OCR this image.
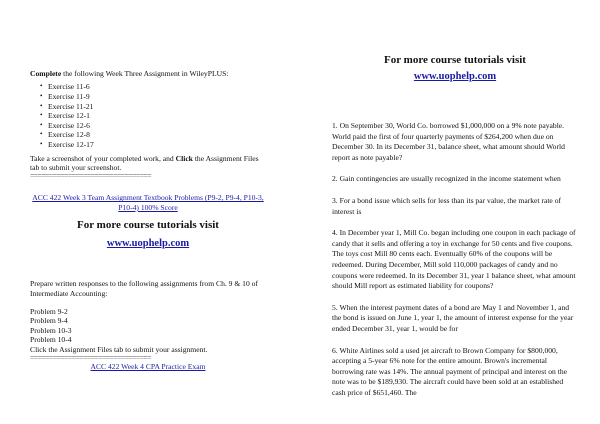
Complete the following Week Three Assignment in WileyPLUS:

• Exercise 11-6
• Exercise 11-9
• Exercise 11-21
• Exercise 12-1
• Exercise 12-6
• Exercise 12-8
• Exercise 12-17

Take a screenshot of your completed work, and Click the Assignment Files tab to submit your screenshot.

================================

ACC 422 Week 3 Team Assignment Textbook Problems (P9-2, P9-4, P10-3, P10-4) 100% Score

For more course tutorials visit

www.uophelp.com

Prepare written responses to the following assignments from Ch. 9 & 10 of Intermediate Accounting:

Problem 9-2
Problem 9-4
Problem 10-3
Problem 10-4
Click the Assignment Files tab to submit your assignment.
================================

ACC 422 Week 4 CPA Practice Exam

For more course tutorials visit

www.uophelp.com

1. On September 30, World Co. borrowed $1,000,000 on a 9% note payable. World paid the first of four quarterly payments of $264,200 when due on December 30. In its December 31, balance sheet, what amount should World report as note payable?

2. Gain contingencies are usually recognized in the income statement when

3. For a bond issue which sells for less than its par value, the market rate of interest is

4. In December year 1, Mill Co. began including one coupon in each package of candy that it sells and offering a toy in exchange for 50 cents and five coupons. The toys cost Mill 80 cents each. Eventually 60% of the coupons will be redeemed. During December, Mill sold 110,000 packages of candy and no coupons were redeemed. In its December 31, year 1 balance sheet, what amount should Mill report as estimated liability for coupons?

5. When the interest payment dates of a bond are May 1 and November 1, and the bond is issued on June 1, year 1, the amount of interest expense for the year ended December 31, year 1, would be for

6. White Airlines sold a used jet aircraft to Brown Company for $800,000, accepting a 5-year 6% note for the entire amount. Brown's incremental borrowing rate was 14%. The annual payment of principal and interest on the note was to be $189,930. The aircraft could have been sold at an established cash price of $651,460. The
